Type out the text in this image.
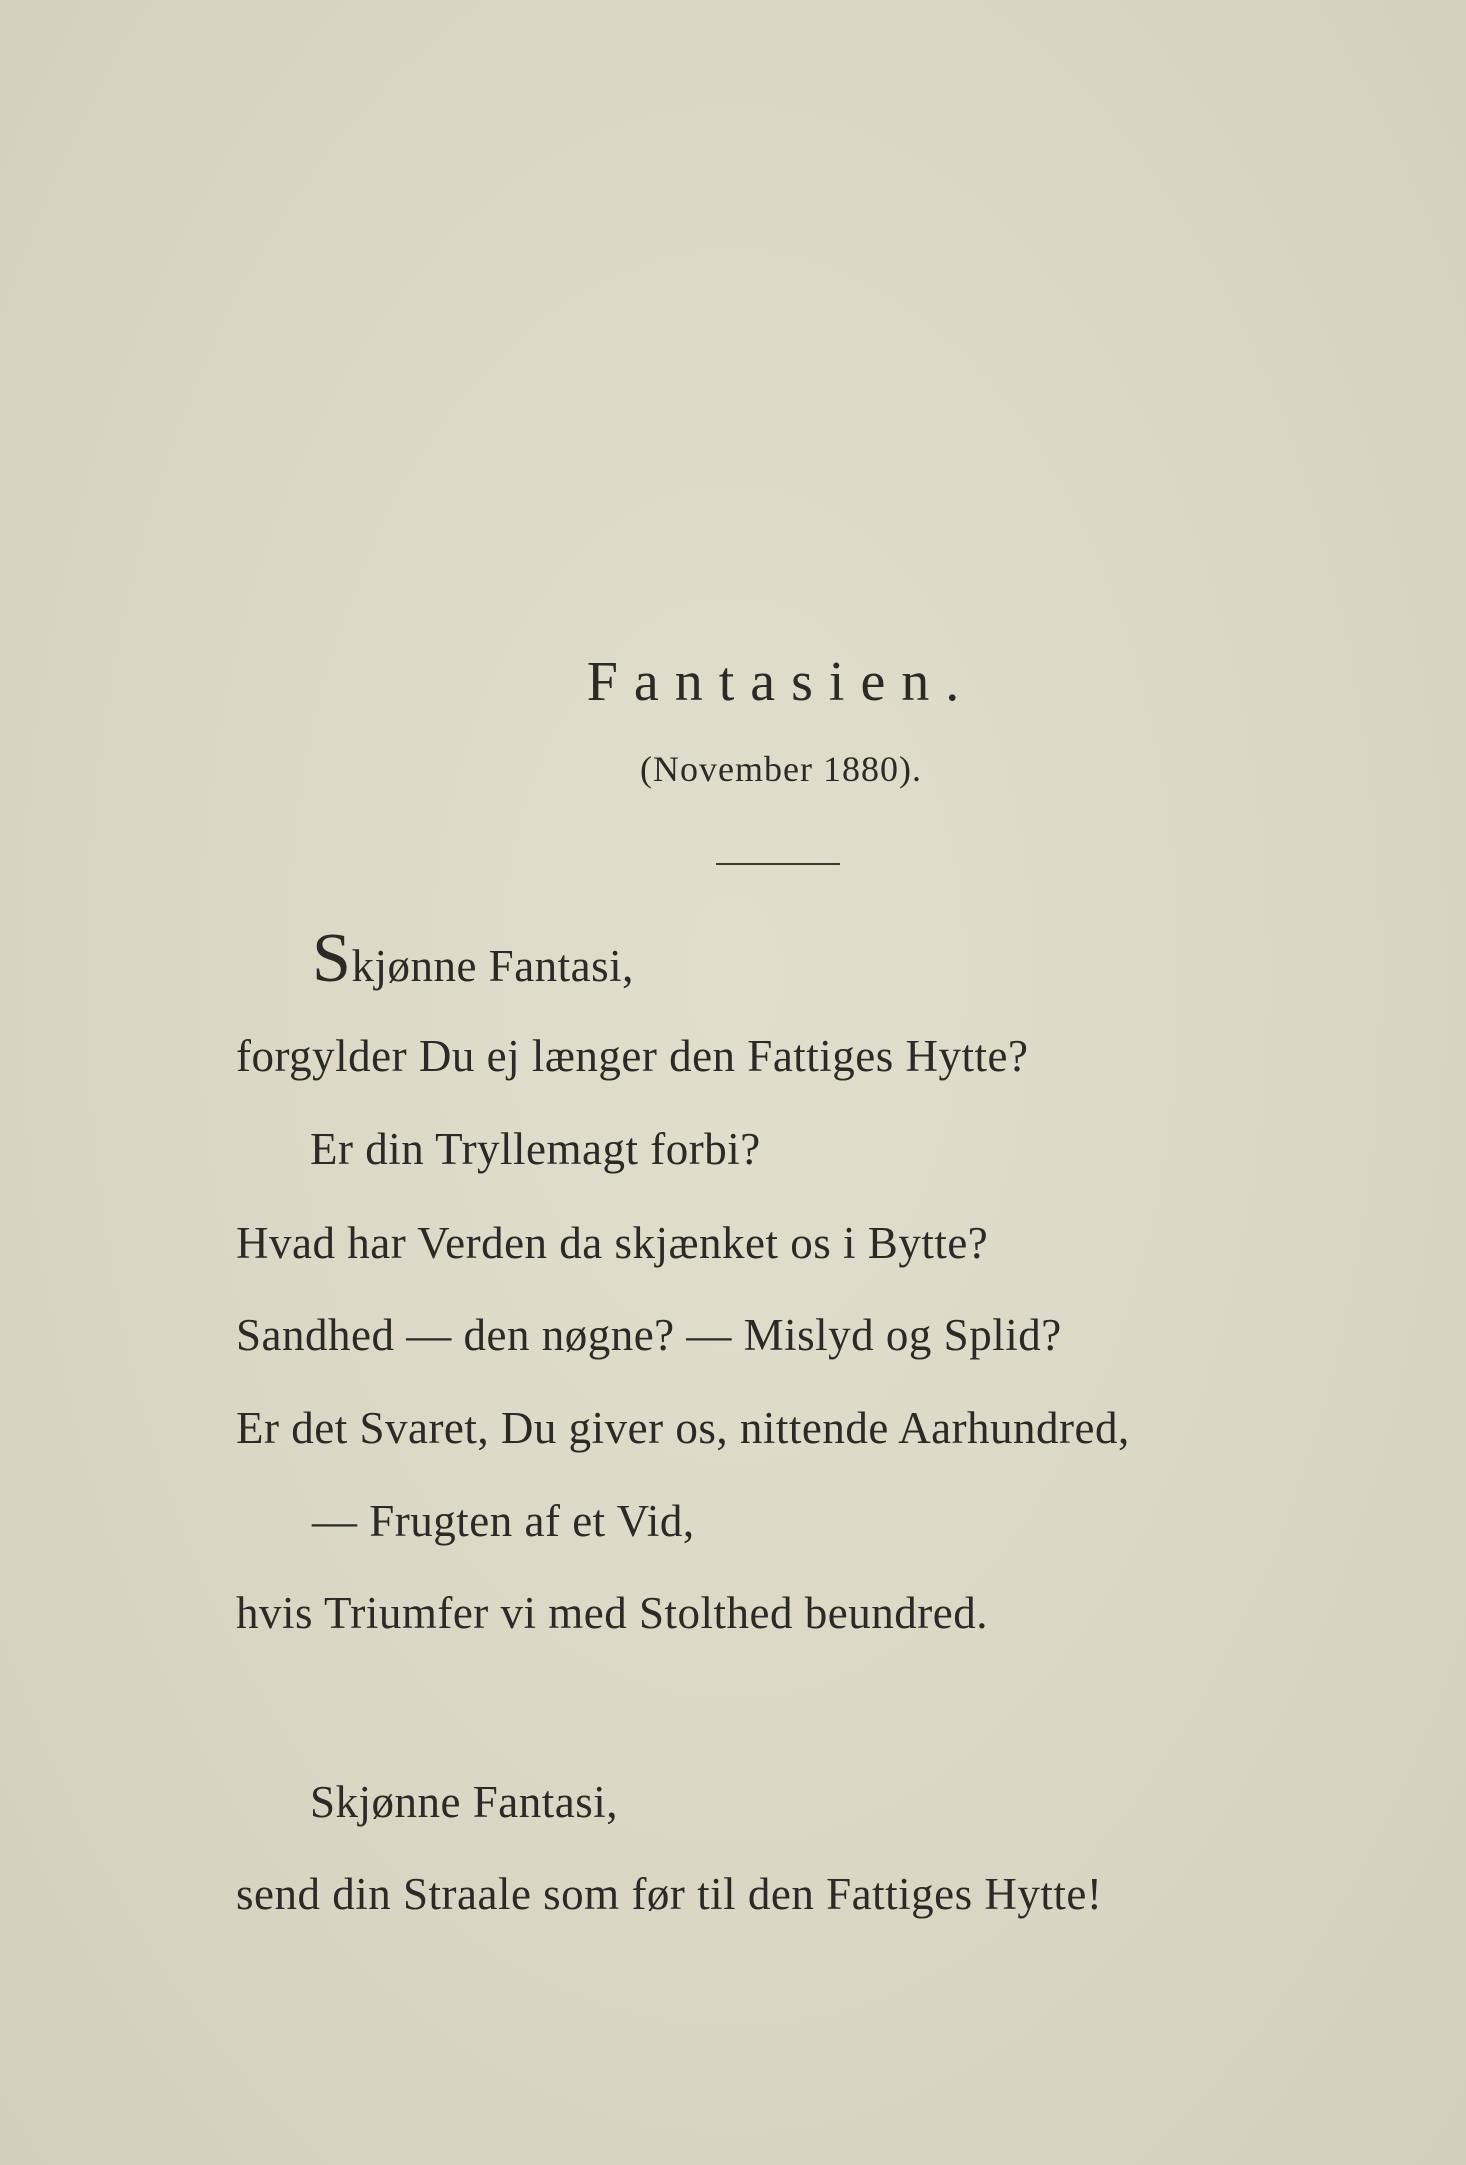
Fantasien.
(November 1880).
Skjønne Fantasi,
forgylder Du ej længer den Fattiges Hytte?
Er din Tryllemagt forbi?
Hvad har Verden da skjænket os i Bytte?
Sandhed — den nøgne? — Mislyd og Splid?
Er det Svaret, Du giver os, nittende Aarhundred,
— Frugten af et Vid,
hvis Triumfer vi med Stolthed beundred.
Skjønne Fantasi,
send din Straale som før til den Fattiges Hytte!
